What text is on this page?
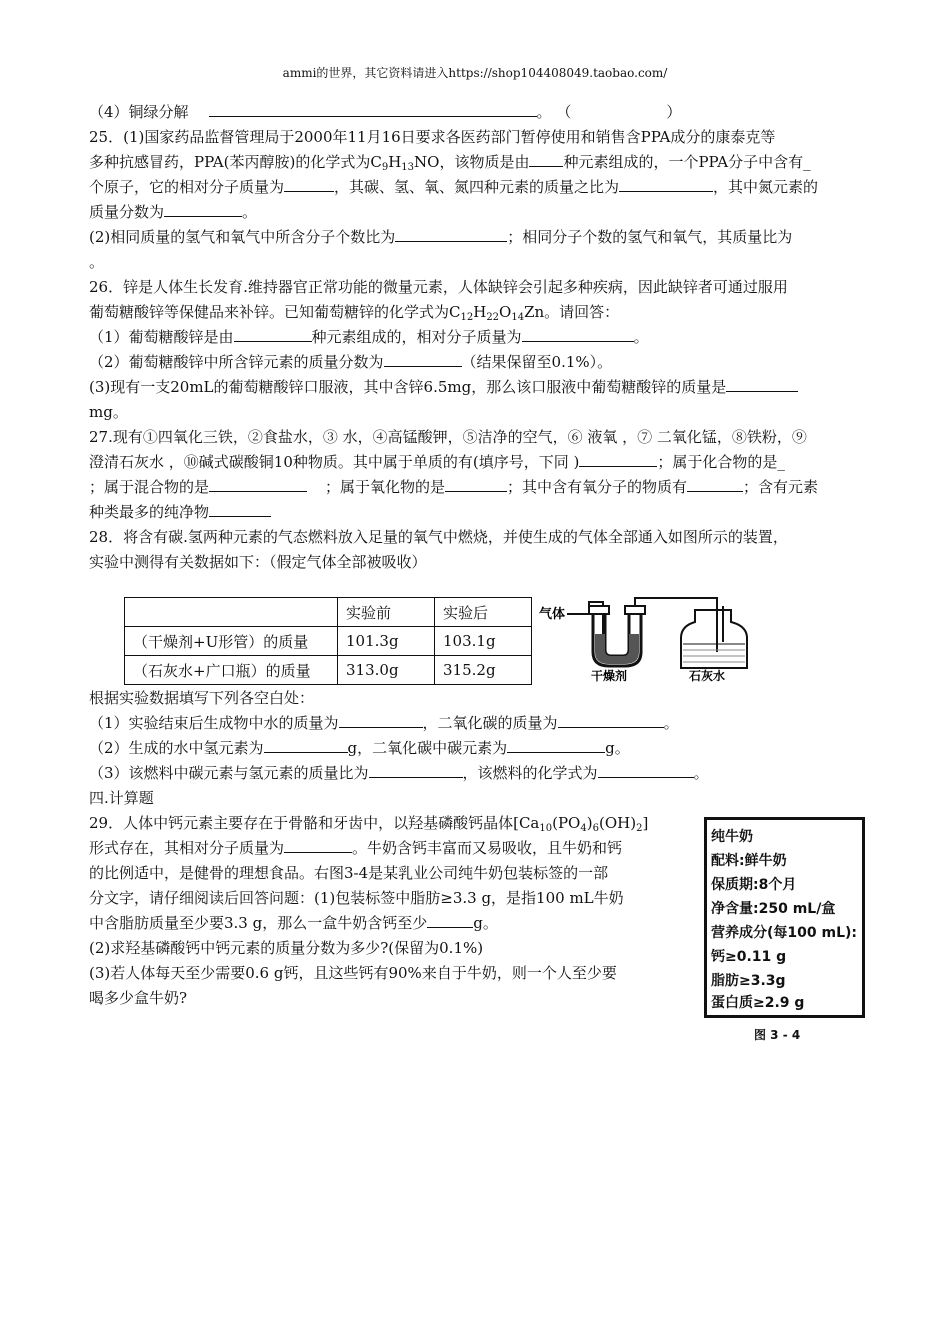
ammi的世界，其它资料请进入https://shop104408049.taobao.com/
（4）铜绿分解	。 （	）
25．(1)国家药品监督管理局于2000年11月16日要求各医药部门暂停使用和销售含PPA成分的康泰克等
多种抗感冒药，PPA(苯丙醇胺)的化学式为$C_9H_{13}NO$，该物质是由 种元素组成的，一个PPA分子中含有_
个原子，它的相对分子质量为	，其碳、氢、氧、氮四种元素的质量之比为	，其中氮元素的
质量分数为	。
(2)相同质量的氢气和氧气中所含分子个数比为	；相同分子个数的氢气和氧气，其质量比为
。
26．锌是人体生长发育.维持器官正常功能的微量元素，人体缺锌会引起多种疾病，因此缺锌者可通过服用
葡萄糖酸锌等保健品来补锌。已知葡萄糖锌的化学式为$C_{12}H_{22}O_{14}Zn$。请回答：
（1）葡萄糖酸锌是由	种元素组成的，相对分子质量为	。
（2）葡萄糖酸锌中所含锌元素的质量分数为	（结果保留至0.1%）。
(3)现有一支20mL的葡萄糖酸锌口服液，其中含锌6.5mg，那么该口服液中葡萄糖酸锌的质量是
mg。
27.现有①四氧化三铁，②食盐水，③ 水，④高锰酸钾，⑤洁净的空气，⑥ 液氧 ，⑦ 二氧化锰，⑧铁粉，⑨
澄清石灰水 ，⑩碱式碳酸铜10种物质。其中属于单质的有(填序号，下同 )	；属于化合物的是_
；属于混合物的是	；属于氧化物的是	；其中含有氧分子的物质有	；含有元素
种类最多的纯净物
28．将含有碳.氢两种元素的气态燃料放入足量的氧气中燃烧，并使生成的气体全部通入如图所示的装置，
实验中测得有关数据如下：（假定气体全部被吸收）
	实验前	实验后
（干燥剂+U形管）的质量	101.3g	103.1g
（石灰水+广口瓶）的质量	313.0g	315.2g
气体
干燥剂	石灰水
根据实验数据填写下列各空白处：
（1）实验结束后生成物中水的质量为	，二氧化碳的质量为	。
（2）生成的水中氢元素为	g，二氧化碳中碳元素为	g。
（3）该燃料中碳元素与氢元素的质量比为	，该燃料的化学式为	。
四.计算题
29．人体中钙元素主要存在于骨骼和牙齿中，以羟基磷酸钙晶体$[Ca_{10}(PO_4)_6(OH)_2]$
形式存在，其相对分子质量为	。牛奶含钙丰富而又易吸收，且牛奶和钙
的比例适中，是健骨的理想食品。右图3-4是某乳业公司纯牛奶包装标签的一部
分文字，请仔细阅读后回答问题：(1)包装标签中脂肪≥3.3 g，是指100 mL牛奶
中含脂肪质量至少要3.3 g，那么一盒牛奶含钙至少	g。
(2)求羟基磷酸钙中钙元素的质量分数为多少?(保留为0.1%)
(3)若人体每天至少需要0.6 g钙，且这些钙有90%来自于牛奶，则一个人至少要
喝多少盒牛奶?
纯牛奶
配料:鲜牛奶
保质期:8个月
净含量:250 mL/盒
营养成分(每100 mL):
钙≥0.11 g
脂肪≥3.3g
蛋白质≥2.9 g
图 3 - 4
